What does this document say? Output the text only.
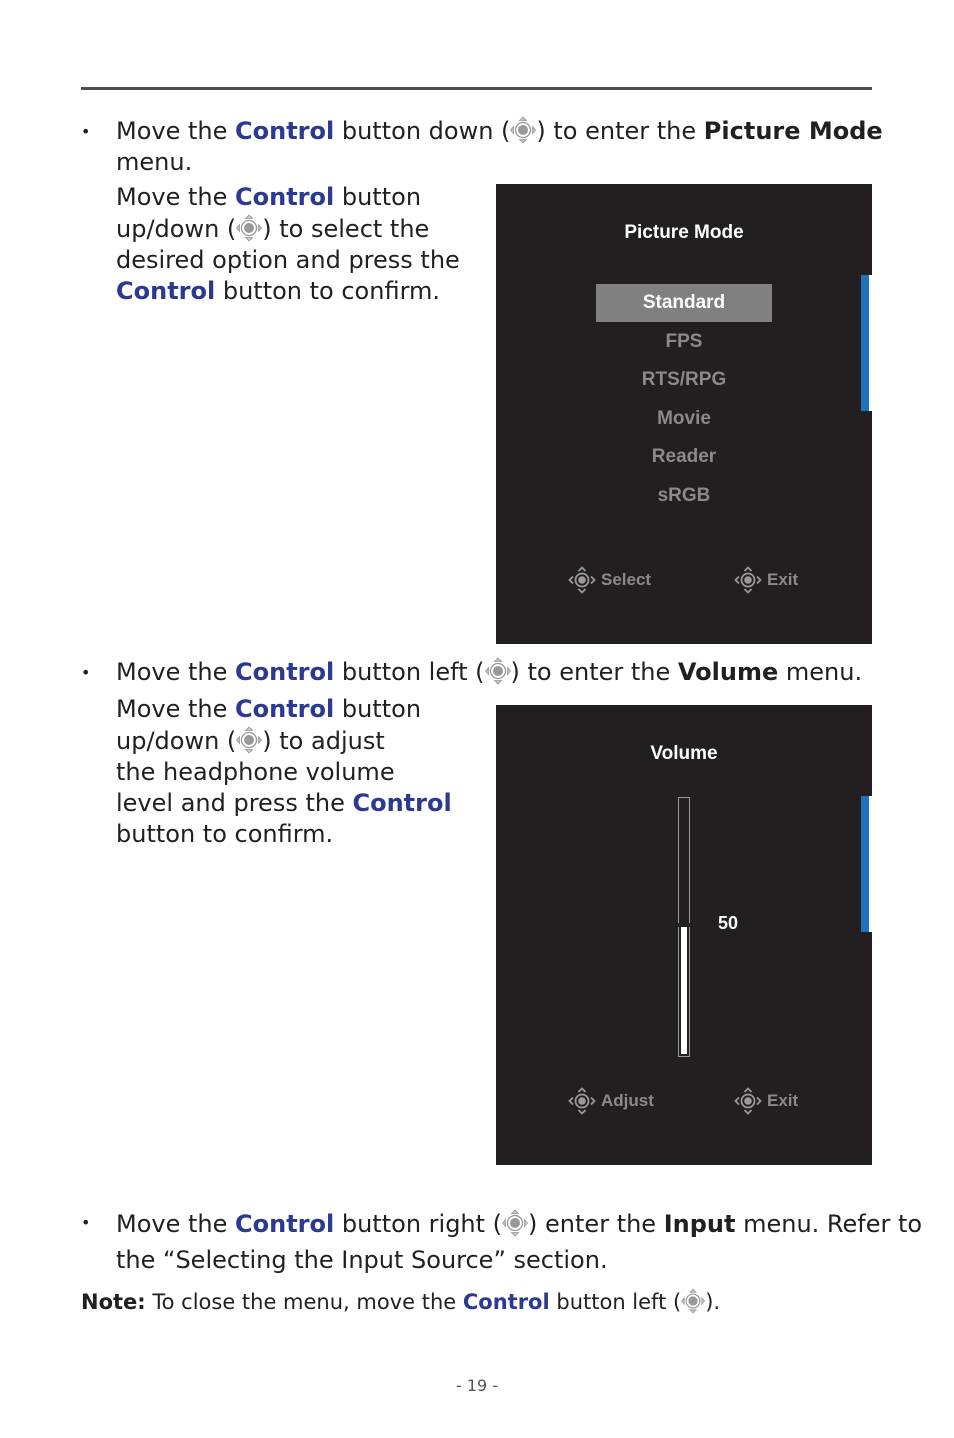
• Move the Control button down ( ) to enter the Picture Mode
menu.
Move the Control button
up/down ( ) to select the
desired option and press the
Control button to confirm.
Picture Mode
Standard
FPS
RTS/RPG
Movie
Reader
sRGB
Select	Exit
• Move the Control button left ( ) to enter the Volume menu.
Move the Control button
up/down ( ) to adjust
the headphone volume
level and press the Control
button to confirm.
Volume
50
Adjust	Exit
• Move the Control button right ( ) enter the Input menu. Refer to
the “Selecting the Input Source” section.
Note: To close the menu, move the Control button left ( ).
- 19 -
